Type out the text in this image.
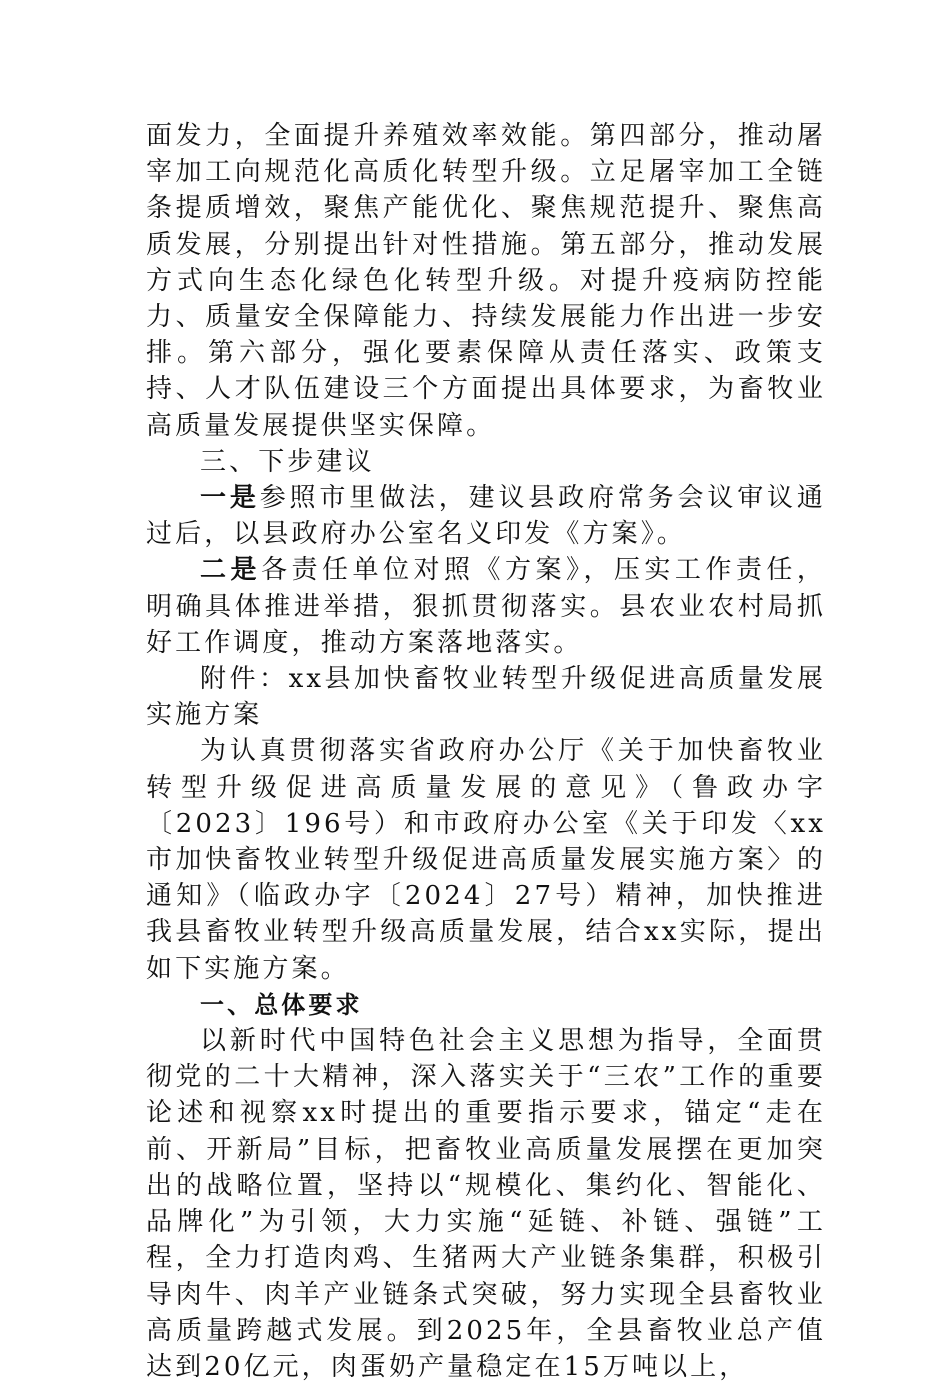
面发力，全面提升养殖效率效能。第四部分，推动屠宰加工向规范化高质化转型升级。立足屠宰加工全链条提质增效，聚焦产能优化、聚焦规范提升、聚焦高质发展，分别提出针对性措施。第五部分，推动发展方式向生态化绿色化转型升级。对提升疫病防控能力、质量安全保障能力、持续发展能力作出进一步安排。第六部分，强化要素保障从责任落实、政策支持、人才队伍建设三个方面提出具体要求，为畜牧业高质量发展提供坚实保障。

三、下步建议

一是参照市里做法，建议县政府常务会议审议通过后，以县政府办公室名义印发《方案》。

二是各责任单位对照《方案》，压实工作责任，明确具体推进举措，狠抓贯彻落实。县农业农村局抓好工作调度，推动方案落地落实。

附件：xx县加快畜牧业转型升级促进高质量发展实施方案

为认真贯彻落实省政府办公厅《关于加快畜牧业转型升级促进高质量发展的意见》（鲁政办字〔2023〕196号）和市政府办公室《关于印发〈xx市加快畜牧业转型升级促进高质量发展实施方案〉的通知》（临政办字〔2024〕27号）精神，加快推进我县畜牧业转型升级高质量发展，结合xx实际，提出如下实施方案。

一、总体要求

以新时代中国特色社会主义思想为指导，全面贯彻党的二十大精神，深入落实关于“三农”工作的重要论述和视察xx时提出的重要指示要求，锚定“走在前、开新局”目标，把畜牧业高质量发展摆在更加突出的战略位置，坚持以“规模化、集约化、智能化、品牌化”为引领，大力实施“延链、补链、强链”工程，全力打造肉鸡、生猪两大产业链条集群，积极引导肉牛、肉羊产业链条式突破，努力实现全县畜牧业高质量跨越式发展。到2025年，全县畜牧业总产值达到20亿元，肉蛋奶产量稳定在15万吨以上，
